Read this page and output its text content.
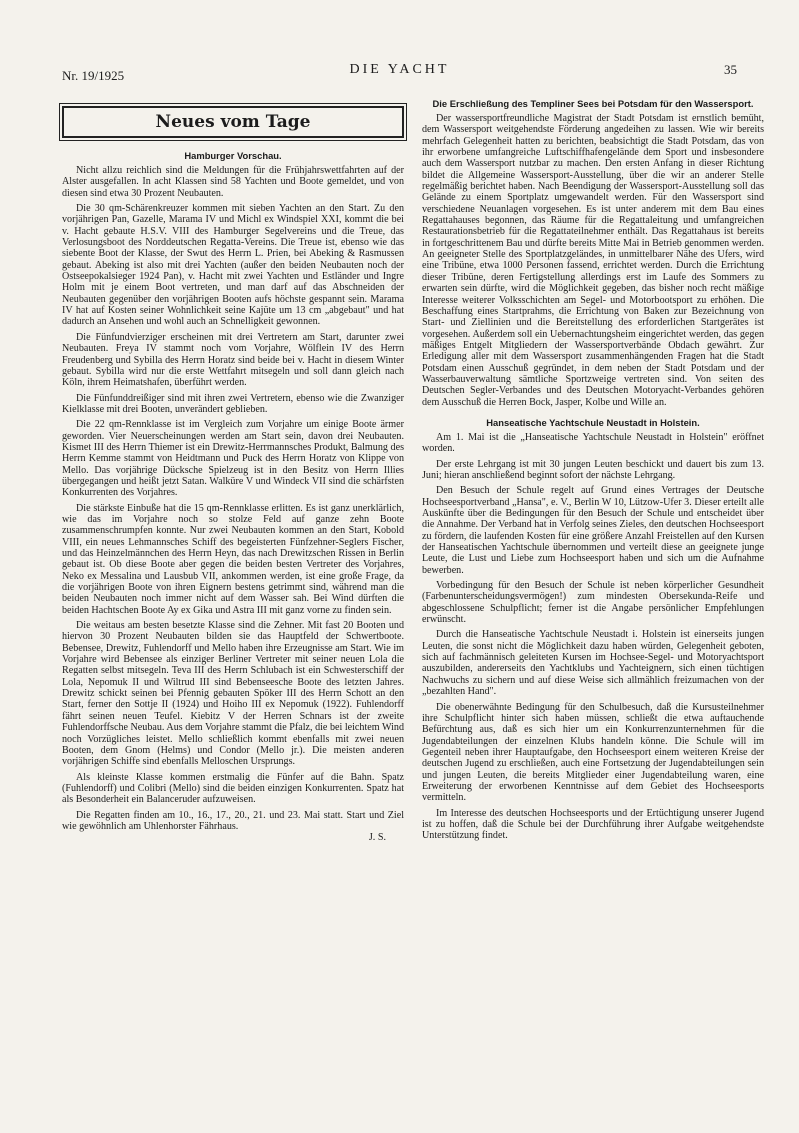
Nr. 19/1925	DIE YACHT	35
Neues vom Tage
Hamburger Vorschau.

Nicht allzu reichlich sind die Meldungen für die Frühjahrswettfahrten auf der Alster ausgefallen. In acht Klassen sind 58 Yachten und Boote gemeldet, und von diesen sind etwa 30 Prozent Neubauten.

Die 30 qm-Schärenkreuzer kommen mit sieben Yachten an den Start. Zu den vorjährigen Pan, Gazelle, Marama IV und Michl ex Windspiel XXI, kommt die bei v. Hacht gebaute H.S.V. VIII des Hamburger Segelvereins und die Treue, das Verlosungsboot des Norddeutschen Regatta-Vereins. Die Treue ist, ebenso wie das siebente Boot der Klasse, der Swut des Herrn L. Prien, bei Abeking & Rasmussen gebaut. Abeking ist also mit drei Yachten (außer den beiden Neubauten noch der Ostseepokalsieger 1924 Pan), v. Hacht mit zwei Yachten und Estländer und Ingre Holm mit je einem Boot vertreten, und man darf auf das Abschneiden der Neubauten gegenüber den vorjährigen Booten aufs höchste gespannt sein. Marama IV hat auf Kosten seiner Wohnlichkeit seine Kajüte um 13 cm „abgebaut" und hat dadurch an Ansehen und wohl auch an Schnelligkeit gewonnen.

Die Fünfundvierziger erscheinen mit drei Vertretern am Start, darunter zwei Neubauten. Freya IV stammt noch vom Vorjahre, Wölflein IV des Herrn Freudenberg und Sybilla des Herrn Horatz sind beide bei v. Hacht in diesem Winter gebaut. Sybilla wird nur die erste Wettfahrt mitsegeln und soll dann gleich nach Köln, ihrem Heimatshafen, überführt werden.

Die Fünfunddreißiger sind mit ihren zwei Vertretern, ebenso wie die Zwanziger Kielklasse mit drei Booten, unverändert geblieben.

Die 22 qm-Rennklasse ist im Vergleich zum Vorjahre um einige Boote ärmer geworden. Vier Neuerscheinungen werden am Start sein, davon drei Neubauten. Kismet III des Herrn Thiemer ist ein Drewitz-Herrmannsches Produkt, Balmung des Herrn Kemme stammt von Heidtmann und Puck des Herrn Horatz von Klippe von Mello. Das vorjährige Dücksche Spielzeug ist in den Besitz von Herrn Illies übergegangen und heißt jetzt Satan. Walküre V und Windeck VII sind die schärfsten Konkurrenten des Vorjahres.

Die stärkste Einbuße hat die 15 qm-Rennklasse erlitten. Es ist ganz unerklärlich, wie das im Vorjahre noch so stolze Feld auf ganze zehn Boote zusammenschrumpfen konnte. Nur zwei Neubauten kommen an den Start, Kobold VIII, ein neues Lehmannsches Schiff des begeisterten Fünfzehner-Seglers Fischer, und das Heinzelmännchen des Herrn Heyn, das nach Drewitzschen Rissen in Berlin gebaut ist. Ob diese Boote aber gegen die beiden besten Vertreter des Vorjahres, Neko ex Messalina und Lausbub VII, ankommen werden, ist eine große Frage, da die vorjährigen Boote von ihren Eignern bestens getrimmt sind, während man die beiden Neubauten noch immer nicht auf dem Wasser sah. Bei Wind dürften die beiden Hachtschen Boote Ay ex Gika und Astra III mit ganz vorne zu finden sein.

Die weitaus am besten besetzte Klasse sind die Zehner. Mit fast 20 Booten und hiervon 30 Prozent Neubauten bilden sie das Hauptfeld der Schwertboote. Bebensee, Drewitz, Fuhlendorff und Mello haben ihre Erzeugnisse am Start. Wie im Vorjahre wird Bebensee als einziger Berliner Vertreter mit seiner neuen Lola die Regatten selbst mitsegeln. Teva III des Herrn Schlubach ist ein Schwesterschiff der Lola, Nepomuk II und Wiltrud III sind Bebenseesche Boote des letzten Jahres. Drewitz schickt seinen bei Pfennig gebauten Spöker III des Herrn Schott an den Start, ferner den Sottje II (1924) und Hoiho III ex Nepomuk (1922). Fuhlendorff fährt seinen neuen Teufel. Kiebitz V der Herren Schnars ist der zweite Fuhlendorffsche Neubau. Aus dem Vorjahre stammt die Pfalz, die bei leichtem Wind noch Vorzügliches leistet. Mello schließlich kommt ebenfalls mit zwei neuen Booten, dem Gnom (Helms) und Condor (Mello jr.). Die meisten anderen vorjährigen Schiffe sind ebenfalls Melloschen Ursprungs.

Als kleinste Klasse kommen erstmalig die Fünfer auf die Bahn. Spatz (Fuhlendorff) und Colibri (Mello) sind die beiden einzigen Konkurrenten. Spatz hat als Besonderheit ein Balanceruder aufzuweisen.

Die Regatten finden am 10., 16., 17., 20., 21. und 23. Mai statt. Start und Ziel wie gewöhnlich am Uhlenhorster Fährhaus.

J. S.
Die Erschließung des Templiner Sees bei Potsdam für den Wassersport.

Der wassersportfreundliche Magistrat der Stadt Potsdam ist ernstlich bemüht, dem Wassersport weitgehendste Förderung angedeihen zu lassen. Wie wir bereits mehrfach Gelegenheit hatten zu berichten, beabsichtigt die Stadt Potsdam, das von ihr erworbene umfangreiche Luftschiffhafengelände dem Sport und insbesondere auch dem Wassersport nutzbar zu machen. Den ersten Anfang in dieser Richtung bildet die Allgemeine Wassersport-Ausstellung, über die wir an anderer Stelle regelmäßig berichtet haben. Nach Beendigung der Wassersport-Ausstellung soll das Gelände zu einem Sportplatz umgewandelt werden. Für den Wassersport sind verschiedene Neuanlagen vorgesehen. Es ist unter anderem mit dem Bau eines Regattahauses begonnen, das Räume für die Regattaleitung und umfangreichen Restaurationsbetrieb für die Regattateilnehmer enthält. Das Regattahaus ist bereits in fortgeschrittenem Bau und dürfte bereits Mitte Mai in Betrieb genommen werden. An geeigneter Stelle des Sportplatzgeländes, in unmittelbarer Nähe des Ufers, wird eine Tribüne, etwa 1000 Personen fassend, errichtet werden. Durch die Errichtung dieser Tribüne, deren Fertigstellung allerdings erst im Laufe des Sommers zu erwarten sein dürfte, wird die Möglichkeit gegeben, das bisher noch recht mäßige Interesse weiterer Volksschichten am Segel- und Motorbootsport zu erhöhen. Die Beschaffung eines Startprahms, die Errichtung von Baken zur Bezeichnung von Start- und Ziellinien und die Bereitstellung des erforderlichen Startgerätes ist vorgesehen. Außerdem soll ein Uebernachtungsheim eingerichtet werden, das gegen mäßiges Entgelt Mitgliedern der Wassersportverbände Obdach gewährt. Zur Erledigung aller mit dem Wassersport zusammenhängenden Fragen hat die Stadt Potsdam einen Ausschuß gegründet, in dem neben der Stadt Potsdam und der Wasserbauverwaltung sämtliche Sportzweige vertreten sind. Von seiten des Deutschen Segler-Verbandes und des Deutschen Motoryacht-Verbandes gehören dem Ausschuß die Herren Bock, Jasper, Kolbe und Wille an.

Hanseatische Yachtschule Neustadt in Holstein.

Am 1. Mai ist die „Hanseatische Yachtschule Neustadt in Holstein" eröffnet worden.

Der erste Lehrgang ist mit 30 jungen Leuten beschickt und dauert bis zum 13. Juni; hieran anschließend beginnt sofort der nächste Lehrgang.

Den Besuch der Schule regelt auf Grund eines Vertrages der Deutsche Hochseesportverband „Hansa", e. V., Berlin W 10, Lützow-Ufer 3. Dieser erteilt alle Auskünfte über die Bedingungen für den Besuch der Schule und entscheidet über die Annahme. Der Verband hat in Verfolg seines Zieles, den deutschen Hochseesport zu fördern, die laufenden Kosten für eine größere Anzahl Freistellen auf den Kursen der Hanseatischen Yachtschule übernommen und verteilt diese an geeignete junge Leute, die Lust und Liebe zum Hochseesport haben und sich um die Aufnahme bewerben.

Vorbedingung für den Besuch der Schule ist neben körperlicher Gesundheit (Farbenunterscheidungsvermögen!) zum mindesten Obersekunda-Reife und abgeschlossene Schulpflicht; ferner ist die Angabe persönlicher Empfehlungen erwünscht.

Durch die Hanseatische Yachtschule Neustadt i. Holstein ist einerseits jungen Leuten, die sonst nicht die Möglichkeit dazu haben würden, Gelegenheit geboten, sich auf fachmännisch geleiteten Kursen im Hochsee-Segel- und Motoryachtsport auszubilden, andererseits den Yachtklubs und Yachteignern, sich einen tüchtigen Nachwuchs zu sichern und auf diese Weise sich allmählich freizumachen von der „bezahlten Hand".

Die obenerwähnte Bedingung für den Schulbesuch, daß die Kursusteilnehmer ihre Schulpflicht hinter sich haben müssen, schließt die etwa auftauchende Befürchtung aus, daß es sich hier um ein Konkurrenzunternehmen für die Jugendabteilungen der einzelnen Klubs handeln könne. Die Schule will im Gegenteil neben ihrer Hauptaufgabe, den Hochseesport einem weiteren Kreise der deutschen Jugend zu erschließen, auch eine Fortsetzung der Jugendabteilungen sein und jungen Leuten, die bereits Mitglieder einer Jugendabteilung waren, eine Erweiterung der erworbenen Kenntnisse auf dem Gebiet des Hochseesports vermitteln.

Im Interesse des deutschen Hochseesports und der Ertüchtigung unserer Jugend ist zu hoffen, daß die Schule bei der Durchführung ihrer Aufgabe weitgehendste Unterstützung findet.
